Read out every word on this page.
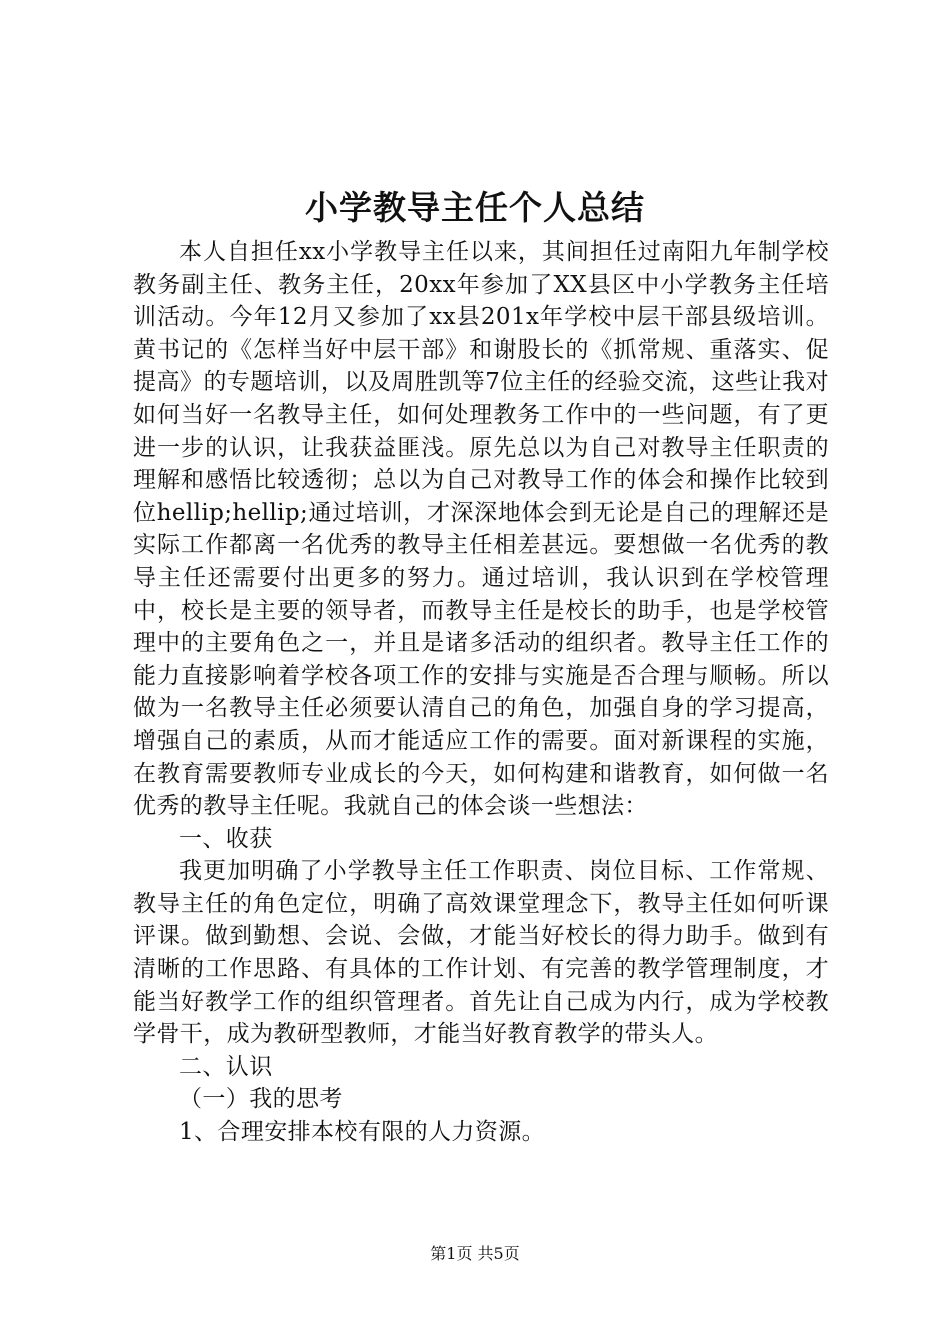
小学教导主任个人总结

本人自担任xx小学教导主任以来，其间担任过南阳九年制学校教务副主任、教务主任，20xx年参加了XX县区中小学教务主任培训活动。今年12月又参加了xx县201x年学校中层干部县级培训。黄书记的《怎样当好中层干部》和谢股长的《抓常规、重落实、促提高》的专题培训，以及周胜凯等7位主任的经验交流，这些让我对如何当好一名教导主任，如何处理教务工作中的一些问题，有了更进一步的认识，让我获益匪浅。原先总以为自己对教导主任职责的理解和感悟比较透彻；总以为自己对教导工作的体会和操作比较到位hellip;hellip;通过培训，才深深地体会到无论是自己的理解还是实际工作都离一名优秀的教导主任相差甚远。要想做一名优秀的教导主任还需要付出更多的努力。通过培训，我认识到在学校管理中，校长是主要的领导者，而教导主任是校长的助手，也是学校管理中的主要角色之一，并且是诸多活动的组织者。教导主任工作的能力直接影响着学校各项工作的安排与实施是否合理与顺畅。所以做为一名教导主任必须要认清自己的角色，加强自身的学习提高，增强自己的素质，从而才能适应工作的需要。面对新课程的实施，在教育需要教师专业成长的今天，如何构建和谐教育，如何做一名优秀的教导主任呢。我就自己的体会谈一些想法：

一、收获

我更加明确了小学教导主任工作职责、岗位目标、工作常规、教导主任的角色定位，明确了高效课堂理念下，教导主任如何听课评课。做到勤想、会说、会做，才能当好校长的得力助手。做到有清晰的工作思路、有具体的工作计划、有完善的教学管理制度，才能当好教学工作的组织管理者。首先让自己成为内行，成为学校教学骨干，成为教研型教师，才能当好教育教学的带头人。

二、认识

（一）我的思考

1、合理安排本校有限的人力资源。

第1页 共5页
